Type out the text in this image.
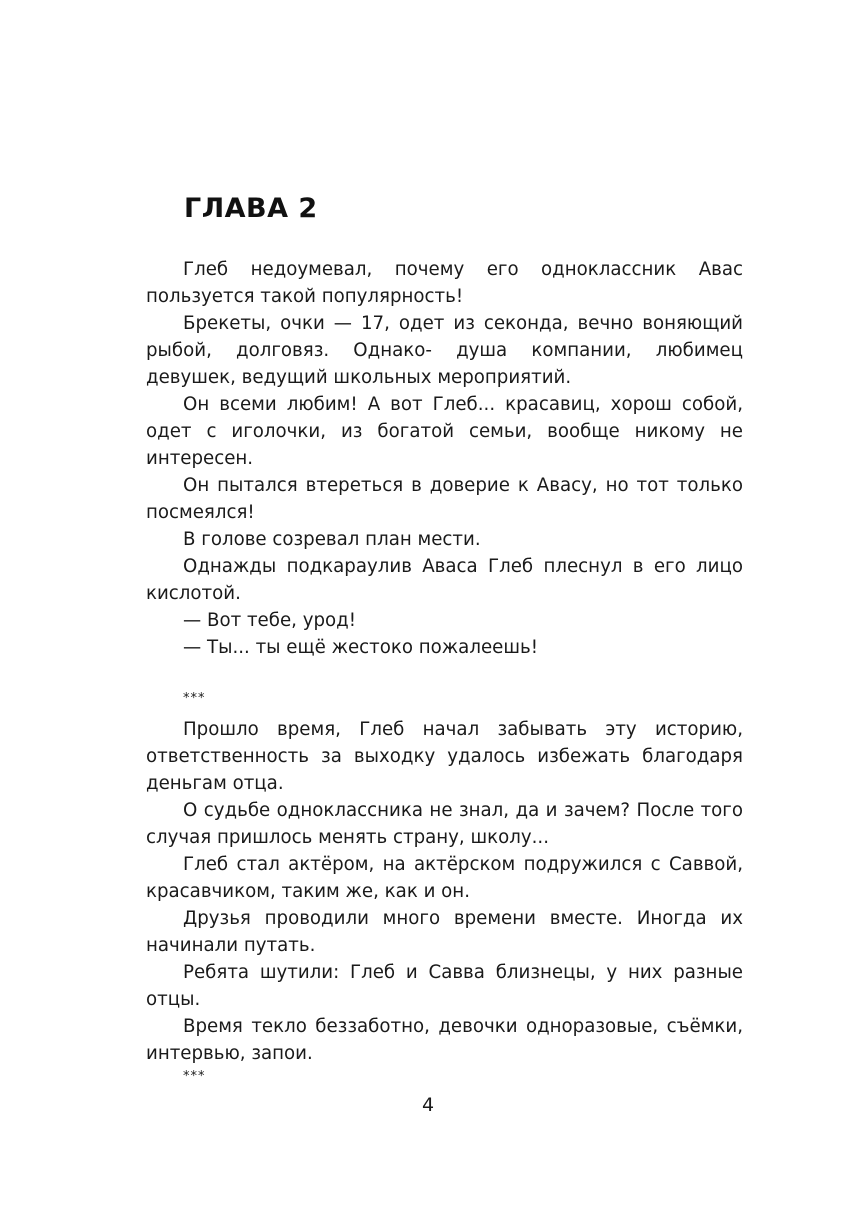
ГЛАВА 2

Глеб недоумевал, почему его одноклассник Авас пользуется такой популярность!

Брекеты, очки — 17, одет из секонда, вечно воняющий рыбой, долговяз. Однако- душа компании, любимец девушек, ведущий школьных мероприятий.

Он всеми любим! А вот Глеб... красавиц, хорош собой, одет с иголочки, из богатой семьи, вообще никому не интересен.

Он пытался втереться в доверие к Авасу, но тот только посмеялся!

В голове созревал план мести.

Однажды подкараулив Аваса Глеб плеснул в его лицо кислотой.

— Вот тебе, урод!

— Ты... ты ещё жестоко пожалеешь!

***

Прошло время, Глеб начал забывать эту историю, ответственность за выходку удалось избежать благодаря деньгам отца.

О судьбе одноклассника не знал, да и зачем? После того случая пришлось менять страну, школу...

Глеб стал актёром, на актёрском подружился с Саввой, красавчиком, таким же, как и он.

Друзья проводили много времени вместе. Иногда их начинали путать.

Ребята шутили: Глеб и Савва близнецы, у них разные отцы.

Время текло беззаботно, девочки одноразовые, съёмки, интервью, запои.

***

4
